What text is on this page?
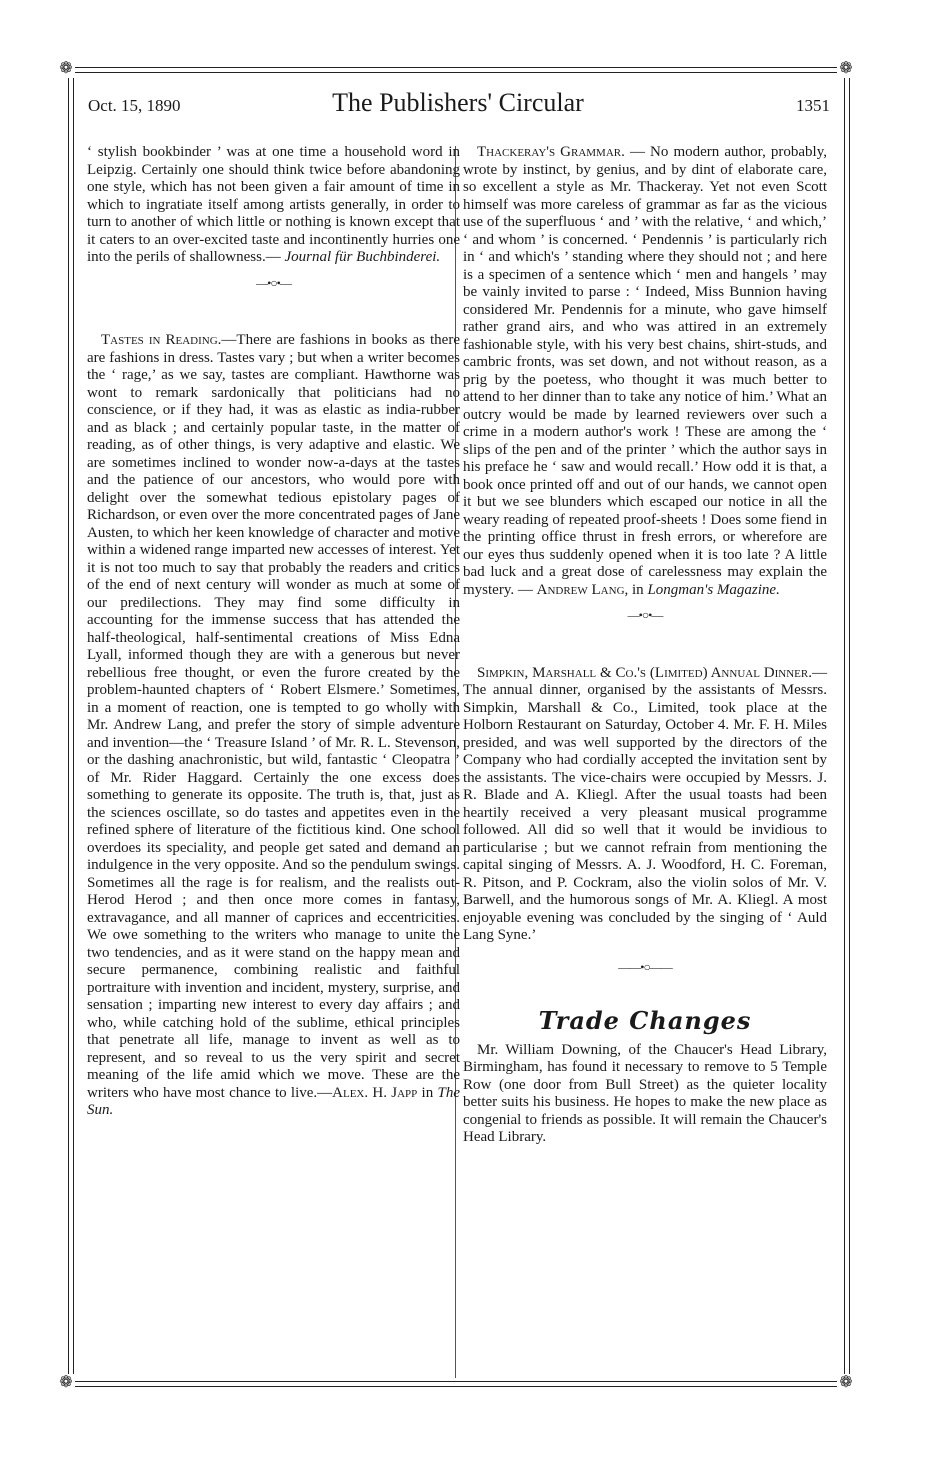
❁	❁
❁	❁
Oct. 15, 1890	The Publishers' Circular	1351

‘ stylish bookbinder ’ was at one time a household word in Leipzig. Certainly one should think twice before abandoning one style, which has not been given a fair amount of time in which to ingratiate itself among artists generally, in order to turn to another of which little or nothing is known except that it caters to an over-excited taste and incontinently hurries one into the perils of shallowness.— Journal für Buchbinderei.

—•○•—

Tastes in Reading.—There are fashions in books as there are fashions in dress. Tastes vary ; but when a writer becomes the ‘ rage,’ as we say, tastes are compliant. Hawthorne was wont to remark sardonically that politicians had no conscience, or if they had, it was as elastic as india-rubber and as black ; and certainly popular taste, in the matter of reading, as of other things, is very adaptive and elastic. We are sometimes inclined to wonder now-a-days at the tastes and the patience of our ancestors, who would pore with delight over the somewhat tedious epistolary pages of Richardson, or even over the more concentrated pages of Jane Austen, to which her keen knowledge of character and motive within a widened range imparted new accesses of interest. Yet it is not too much to say that probably the readers and critics of the end of next century will wonder as much at some of our predilections. They may find some difficulty in accounting for the immense success that has attended the half-theological, half-sentimental creations of Miss Edna Lyall, informed though they are with a generous but never rebellious free thought, or even the furore created by the problem-haunted chapters of ‘ Robert Elsmere.’ Sometimes, in a moment of reaction, one is tempted to go wholly with Mr. Andrew Lang, and prefer the story of simple adventure and invention—the ‘ Treasure Island ’ of Mr. R. L. Stevenson, or the dashing anachronistic, but wild, fantastic ‘ Cleopatra ’ of Mr. Rider Haggard. Certainly the one excess does something to generate its opposite. The truth is, that, just as the sciences oscillate, so do tastes and appetites even in the refined sphere of literature of the fictitious kind. One school overdoes its speciality, and people get sated and demand an indulgence in the very opposite. And so the pendulum swings. Sometimes all the rage is for realism, and the realists out-Herod Herod ; and then once more comes in fantasy, extravagance, and all manner of caprices and eccentricities. We owe something to the writers who manage to unite the two tendencies, and as it were stand on the happy mean and secure permanence, combining realistic and faithful portraiture with invention and incident, mystery, surprise, and sensation ; imparting new interest to every day affairs ; and who, while catching hold of the sublime, ethical principles that penetrate all life, manage to invent as well as to represent, and so reveal to us the very spirit and secret meaning of the life amid which we move. These are the writers who have most chance to live.—Alex. H. Japp in The Sun.

Thackeray's Grammar. — No modern author, probably, wrote by instinct, by genius, and by dint of elaborate care, so excellent a style as Mr. Thackeray. Yet not even Scott himself was more careless of grammar as far as the vicious use of the superfluous ‘ and ’ with the relative, ‘ and which,’ ‘ and whom ’ is concerned. ‘ Pendennis ’ is particularly rich in ‘ and which's ’ standing where they should not ; and here is a specimen of a sentence which ‘ men and hangels ’ may be vainly invited to parse : ‘ Indeed, Miss Bunnion having considered Mr. Pendennis for a minute, who gave himself rather grand airs, and who was attired in an extremely fashionable style, with his very best chains, shirt-studs, and cambric fronts, was set down, and not without reason, as a prig by the poetess, who thought it was much better to attend to her dinner than to take any notice of him.’ What an outcry would be made by learned reviewers over such a crime in a modern author's work ! These are among the ‘ slips of the pen and of the printer ’ which the author says in his preface he ‘ saw and would recall.’ How odd it is that, a book once printed off and out of our hands, we cannot open it but we see blunders which escaped our notice in all the weary reading of repeated proof-sheets ! Does some fiend in the printing office thrust in fresh errors, or wherefore are our eyes thus suddenly opened when it is too late ? A little bad luck and a great dose of carelessness may explain the mystery. — Andrew Lang, in Longman's Magazine.

—•○•—

Simpkin, Marshall & Co.'s (Limited) Annual Dinner.—The annual dinner, organised by the assistants of Messrs. Simpkin, Marshall & Co., Limited, took place at the Holborn Restaurant on Saturday, October 4. Mr. F. H. Miles presided, and was well supported by the directors of the Company who had cordially accepted the invitation sent by the assistants. The vice-chairs were occupied by Messrs. J. R. Blade and A. Kliegl. After the usual toasts had been heartily received a very pleasant musical programme followed. All did so well that it would be invidious to particularise ; but we cannot refrain from mentioning the capital singing of Messrs. A. J. Woodford, H. C. Foreman, R. Pitson, and P. Cockram, also the violin solos of Mr. V. Barwell, and the humorous songs of Mr. A. Kliegl. A most enjoyable evening was concluded by the singing of ‘ Auld Lang Syne.’

——•○——
Trade Changes

Mr. William Downing, of the Chaucer's Head Library, Birmingham, has found it necessary to remove to 5 Temple Row (one door from Bull Street) as the quieter locality better suits his business. He hopes to make the new place as congenial to friends as possible. It will remain the Chaucer's Head Library.
